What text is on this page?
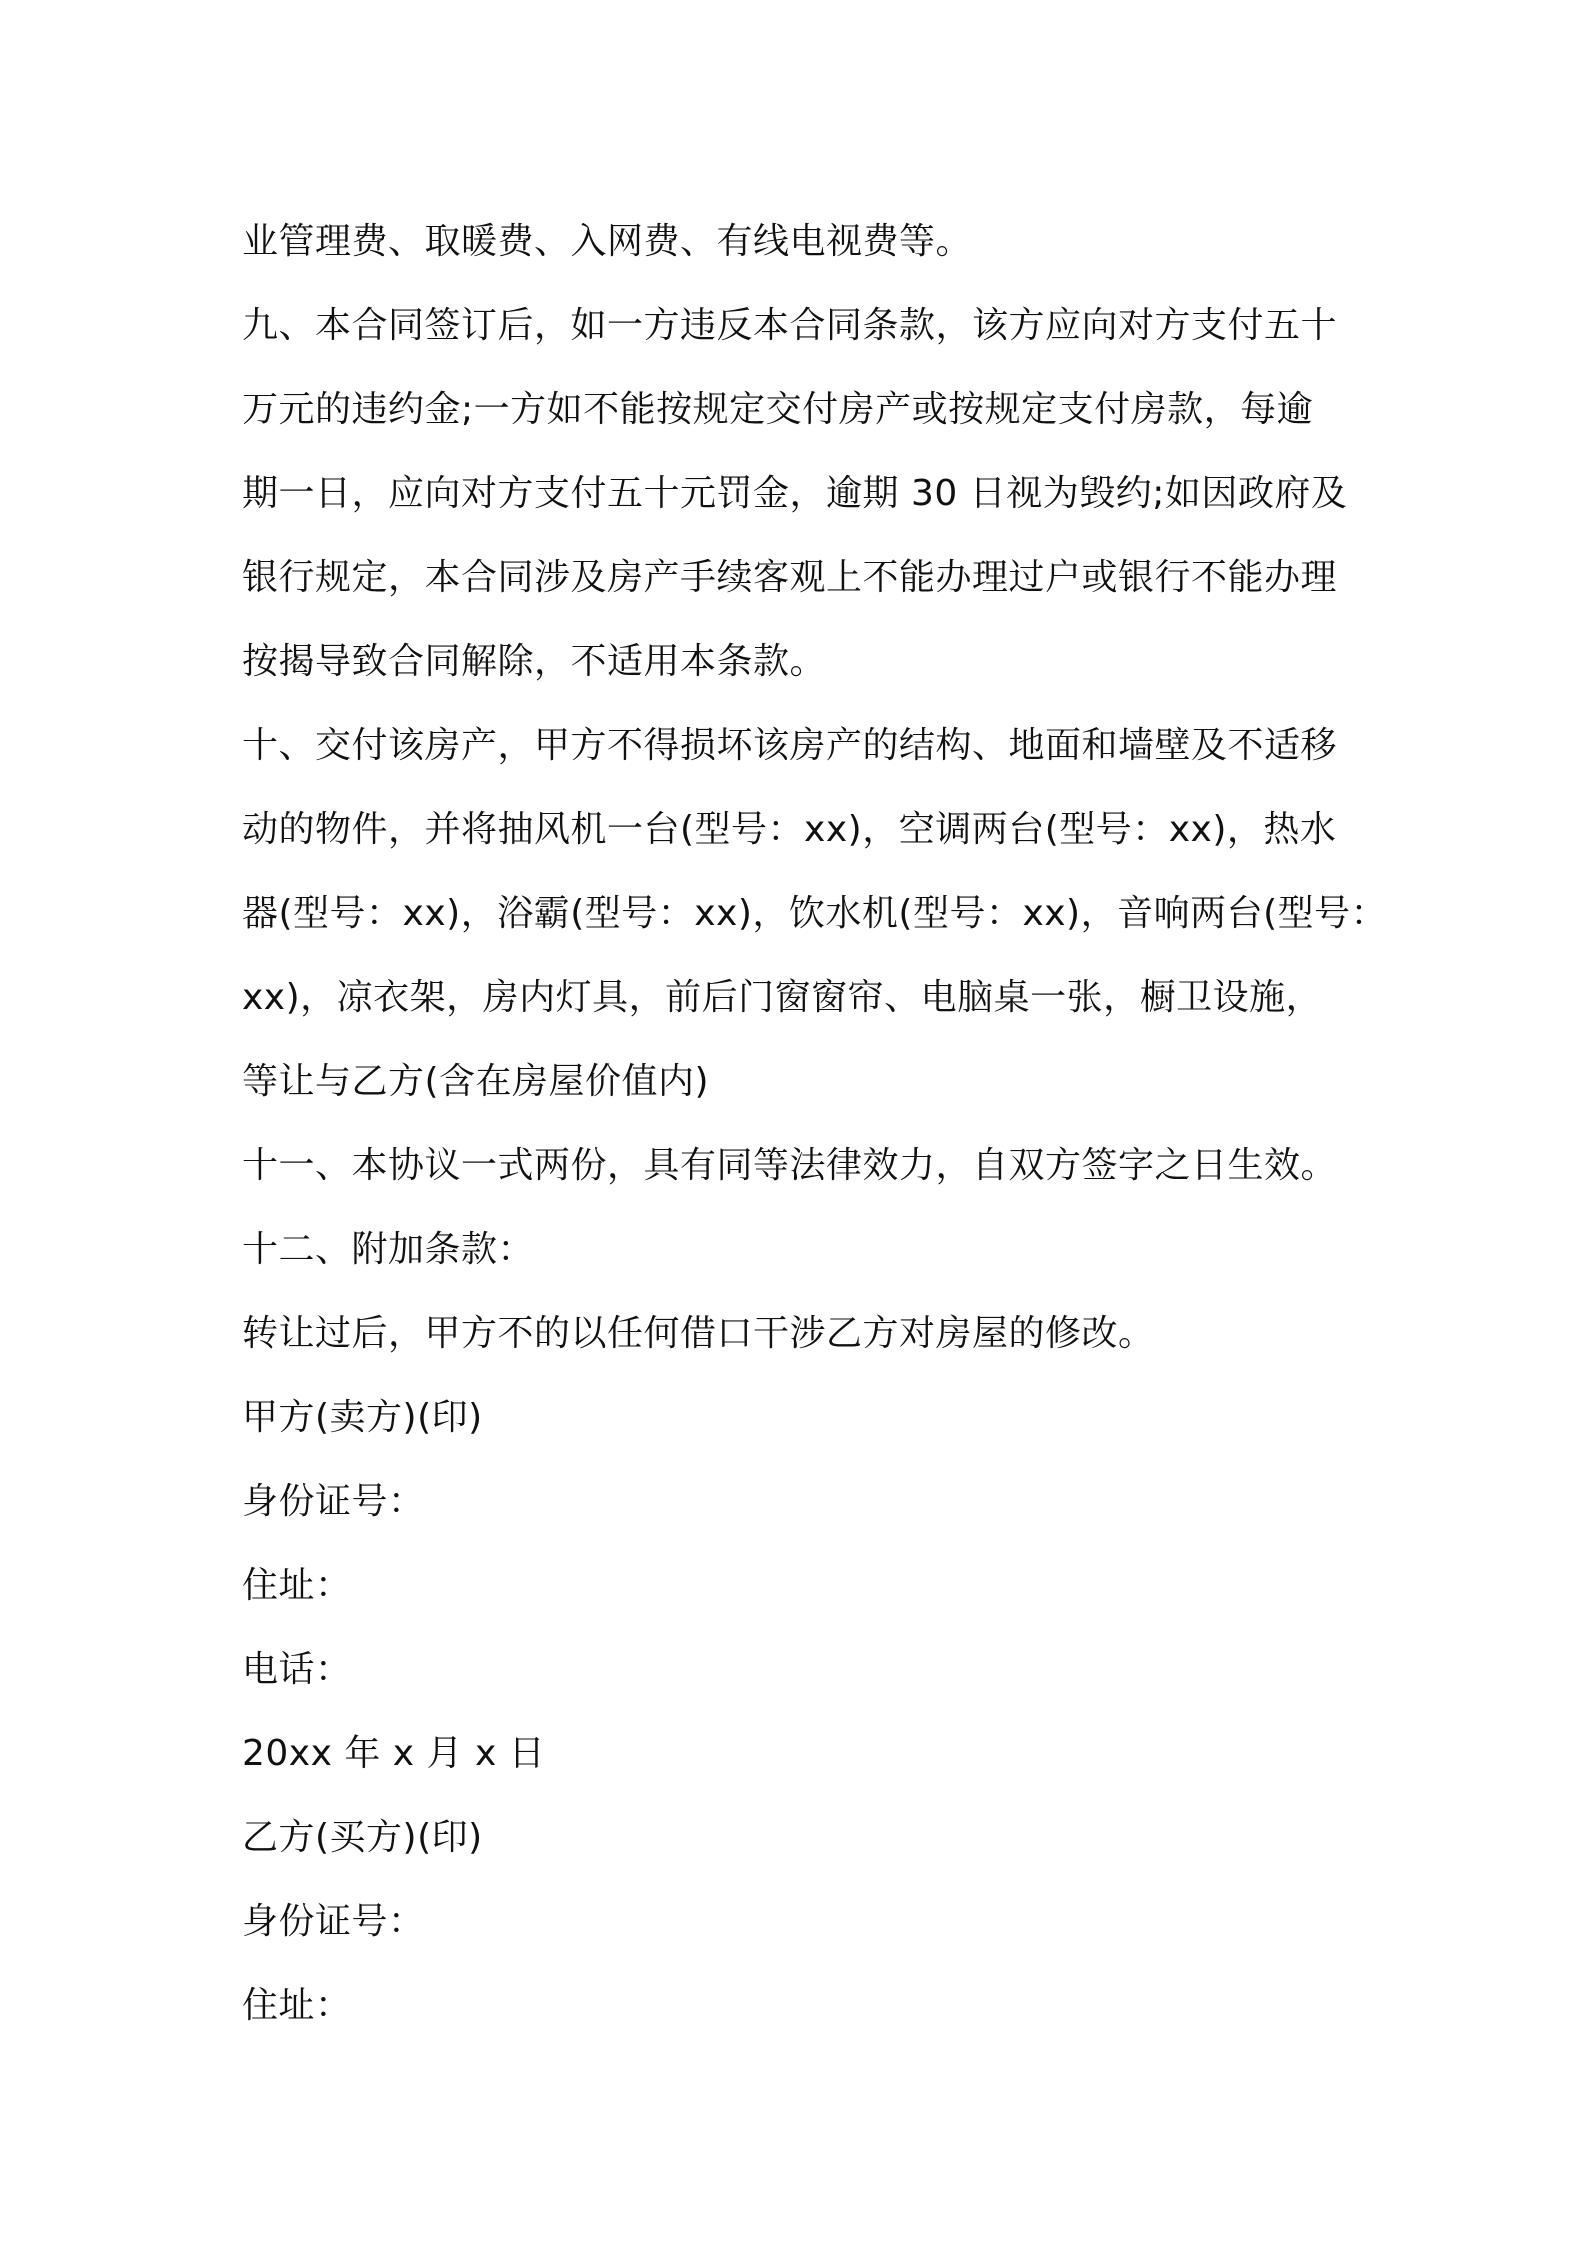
业管理费、取暖费、入网费、有线电视费等。
九、本合同签订后，如一方违反本合同条款，该方应向对方支付五十
万元的违约金;一方如不能按规定交付房产或按规定支付房款，每逾
期一日，应向对方支付五十元罚金，逾期 30 日视为毁约;如因政府及
银行规定，本合同涉及房产手续客观上不能办理过户或银行不能办理
按揭导致合同解除，不适用本条款。
十、交付该房产，甲方不得损坏该房产的结构、地面和墙壁及不适移
动的物件，并将抽风机一台(型号：xx)，空调两台(型号：xx)，热水
器(型号：xx)，浴霸(型号：xx)，饮水机(型号：xx)，音响两台(型号：
xx)，凉衣架，房内灯具，前后门窗窗帘、电脑桌一张，橱卫设施，
等让与乙方(含在房屋价值内)
十一、本协议一式两份，具有同等法律效力，自双方签字之日生效。
十二、附加条款：
转让过后，甲方不的以任何借口干涉乙方对房屋的修改。
甲方(卖方)(印)
身份证号：
住址：
电话：
20xx 年 x 月 x 日
乙方(买方)(印)
身份证号：
住址：
